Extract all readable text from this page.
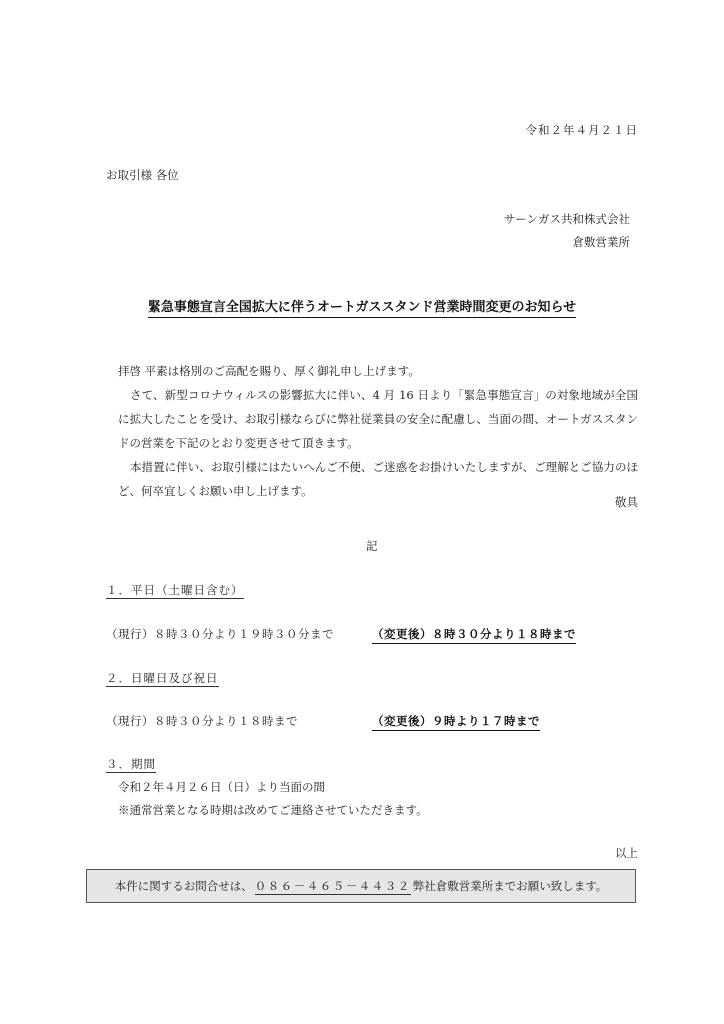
令和２年４月２１日
お取引様 各位
サーンガス共和株式会社
倉敷営業所
緊急事態宣言全国拡大に伴うオートガススタンド営業時間変更のお知らせ

拝啓 平素は格別のご高配を賜り、厚く御礼申し上げます。

さて、新型コロナウィルスの影響拡大に伴い、4 月 16 日より「緊急事態宣言」の対象地域が全国に拡大したことを受け、お取引様ならびに弊社従業員の安全に配慮し、当面の間、オートガススタンドの営業を下記のとおり変更させて頂きます。

本措置に伴い、お取引様にはたいへんご不便、ご迷惑をお掛けいたしますが、ご理解とご協力のほど、何卒宜しくお願い申し上げます。

敬具
記
１．平日（土曜日含む）
（現行）８時３０分より１９時３０分まで	（変更後）８時３０分より１８時まで
２．日曜日及び祝日
（現行）８時３０分より１８時まで	（変更後）９時より１７時まで
３．期間
令和２年４月２６日（日）より当面の間
※通常営業となる時期は改めてご連絡させていただきます。
以上
本件に関するお問合せは、 ０８６－４６５－４４３２ 弊社倉敷営業所までお願い致します。
